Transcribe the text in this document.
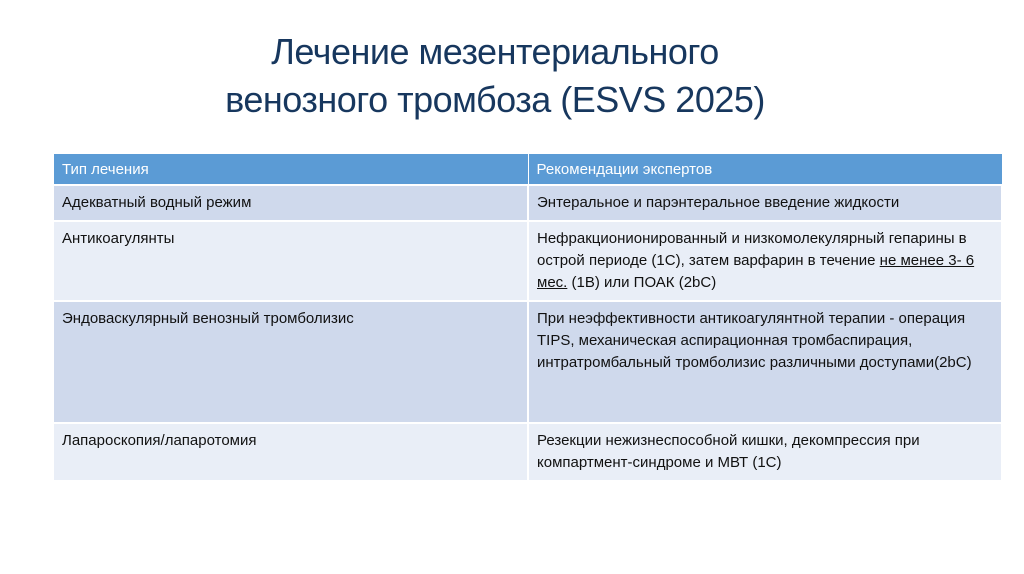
Лечение мезентериального
венозного тромбоза (ESVS 2025)
Тип лечения	Рекомендации экспертов
Адекватный водный режим	Энтеральное и парэнтеральное введение жидкости
Антикоагулянты	Нефракционионированный и низкомолекулярный гепарины в острой периоде (1С), затем варфарин в течение не менее 3- 6 мес. (1В) или ПОАК (2bC)
Эндоваскулярный венозный тромболизис	При неэффективности антикоагулянтной терапии - операция TIPS, механическая аспирационная тромбаспирация, интратромбальный тромболизис различными доступами(2bC)
Лапароскопия/лапаротомия	Резекции нежизнеспособной кишки, декомпрессия при компартмент-синдроме и МВТ (1С)
